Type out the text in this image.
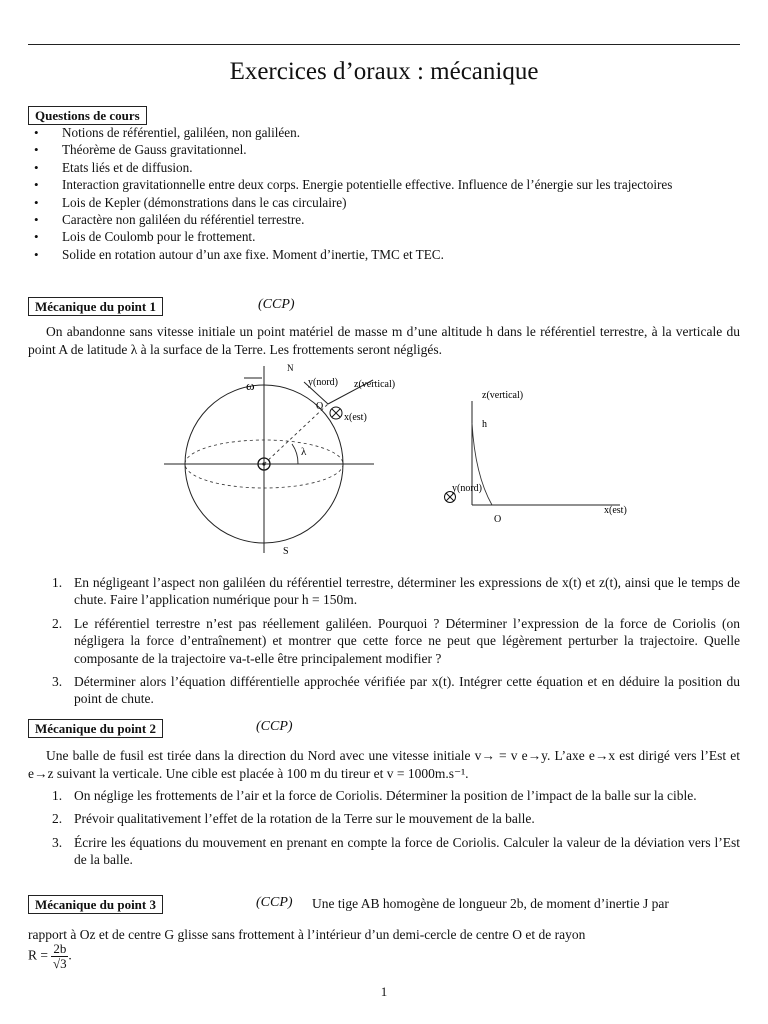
Exercices d’oraux : mécanique
Questions de cours
• Notions de référentiel, galiléen, non galiléen.
• Théorème de Gauss gravitationnel.
• Etats liés et de diffusion.
• Interaction gravitationnelle entre deux corps. Energie potentielle effective. Influence de l’énergie sur les trajectoires
• Lois de Kepler (démonstrations dans le cas circulaire)
• Caractère non galiléen du référentiel terrestre.
• Lois de Coulomb pour le frottement.
• Solide en rotation autour d’un axe fixe. Moment d’inertie, TMC et TEC.
Mécanique du point 1	(CCP)
On abandonne sans vitesse initiale un point matériel de masse m d’une altitude h dans le référentiel terrestre, à la verticale du point A de latitude λ à la surface de la Terre. Les frottements seront négligés.
N
S
ω	y(nord) z(vertical)
x(est)
O
λ
z(vertical)
h
y(nord)
O
x(est)
1. En négligeant l’aspect non galiléen du référentiel terrestre, déterminer les expressions de x(t) et z(t), ainsi que le temps de chute. Faire l’application numérique pour h = 150m.
2. Le référentiel terrestre n’est pas réellement galiléen. Pourquoi ? Déterminer l’expression de la force de Coriolis (on négligera la force d’entraînement) et montrer que cette force ne peut que légèrement perturber la trajectoire. Quelle composante de la trajectoire va-t-elle être principalement modifier ?
3. Déterminer alors l’équation différentielle approchée vérifiée par x(t). Intégrer cette équation et en déduire la position du point de chute.
Mécanique du point 2	(CCP)
Une balle de fusil est tirée dans la direction du Nord avec une vitesse initiale v→ = v e→y. L’axe e→x est dirigé vers l’Est et e→z suivant la verticale. Une cible est placée à 100 m du tireur et v = 1000m.s⁻¹.
1. On néglige les frottements de l’air et la force de Coriolis. Déterminer la position de l’impact de la balle sur la cible.
2. Prévoir qualitativement l’effet de la rotation de la Terre sur le mouvement de la balle.
3. Écrire les équations du mouvement en prenant en compte la force de Coriolis. Calculer la valeur de la déviation vers l’Est de la balle.
Mécanique du point 3	(CCP) Une tige AB homogène de longueur 2b, de moment d’inertie J par
rapport à Oz et de centre G glisse sans frottement à l’intérieur d’un demi-cercle de centre O et de rayon
$R = \frac{2b}{√3}$ .
1
